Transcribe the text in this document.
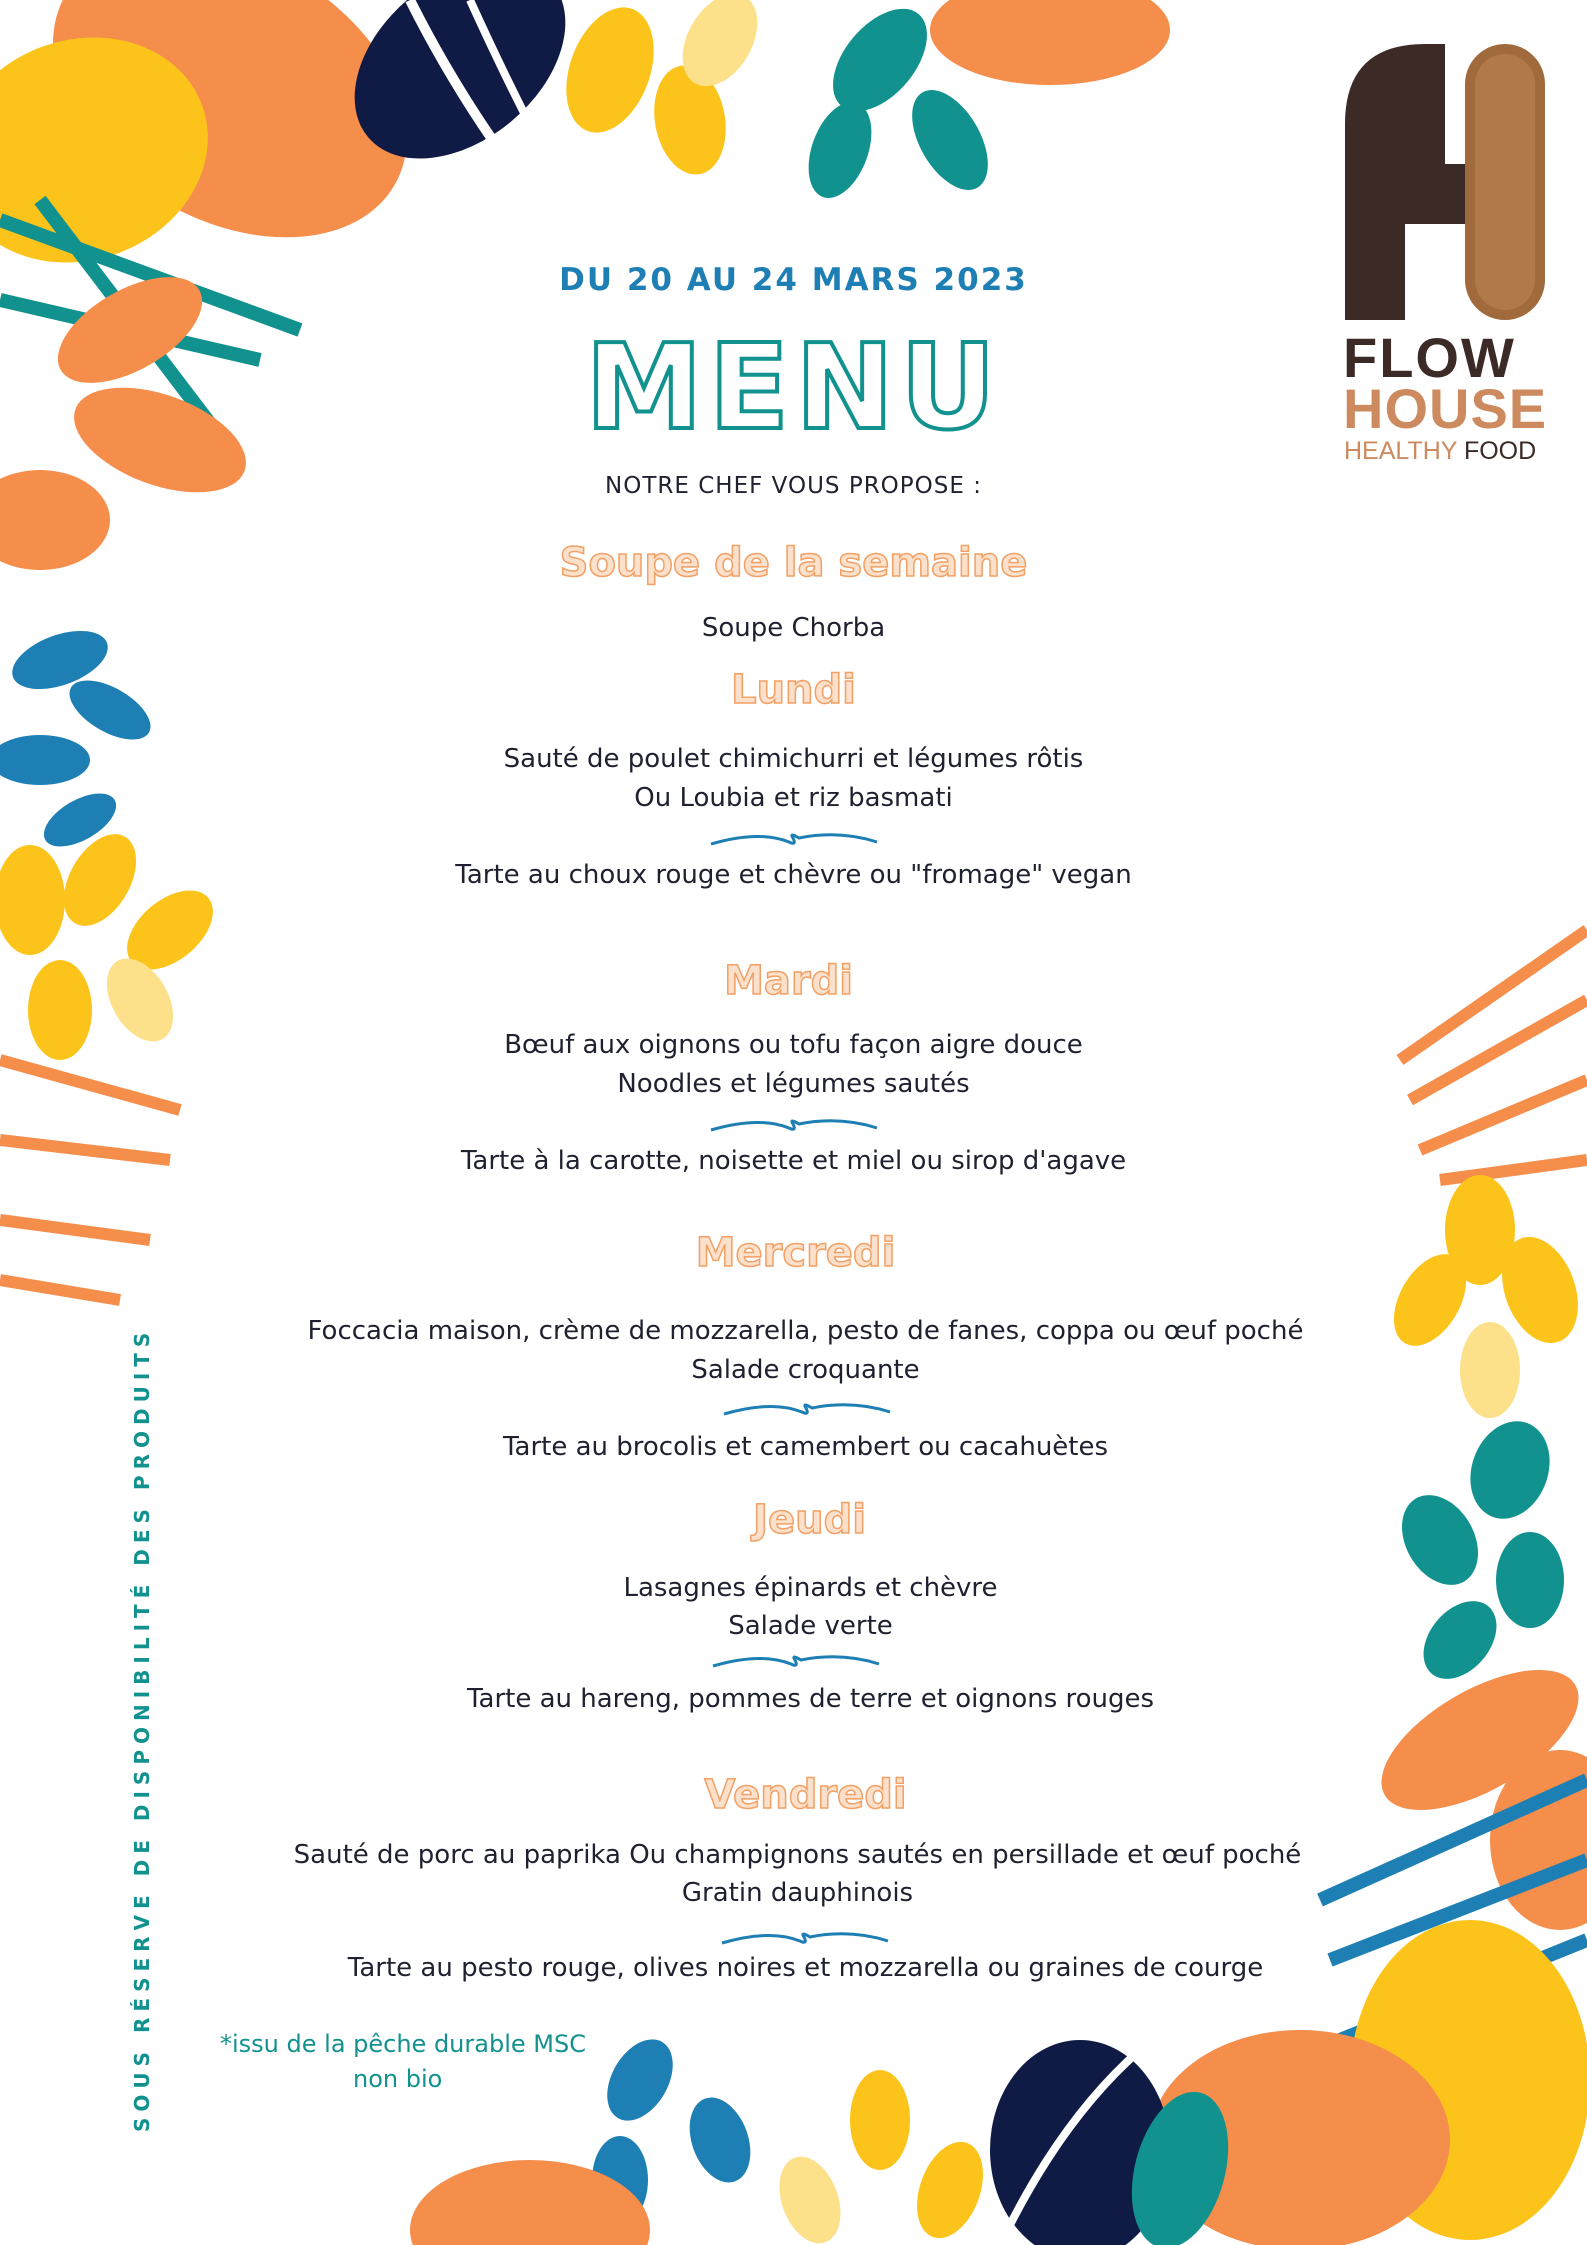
FLOW
HOUSE
HEALTHY FOOD
DU 20 AU 24 MARS 2023
MENU
NOTRE CHEF VOUS PROPOSE :
Soupe de la semaine
Soupe Chorba
Lundi
Sauté de poulet chimichurri et légumes rôtis
Ou Loubia et riz basmati
Tarte au choux rouge et chèvre ou "fromage" vegan
Mardi
Bœuf aux oignons ou tofu façon aigre douce
Noodles et légumes sautés
Tarte à la carotte, noisette et miel ou sirop d'agave
Mercredi
Foccacia maison, crème de mozzarella, pesto de fanes, coppa ou œuf poché
Salade croquante
Tarte au brocolis et camembert ou cacahuètes
Jeudi
Lasagnes épinards et chèvre
Salade verte
Tarte au hareng, pommes de terre et oignons rouges
Vendredi
Sauté de porc au paprika Ou champignons sautés en persillade et œuf poché
Gratin dauphinois
Tarte au pesto rouge, olives noires et mozzarella ou graines de courge
SOUS RÉSERVE DE DISPONIBILITÉ DES PRODUITS	*issu de la pêche durable MSC
non bio
